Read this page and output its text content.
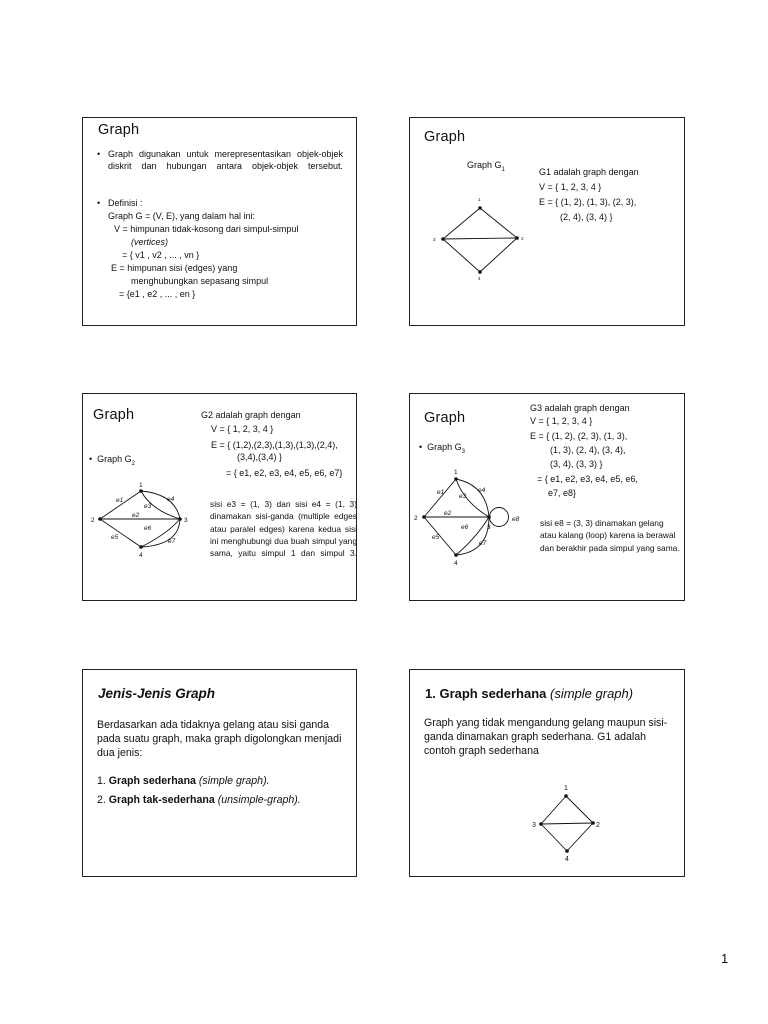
Graph
• Graph digunakan untuk merepresentasikan objek-objek diskrit dan hubungan antara objek-objek tersebut.
• Definisi :
Graph G = (V, E), yang dalam hal ini:
V = himpunan tidak-kosong dari simpul-simpul
(vertices)
= { v1 , v2 , ... , vn }
E = himpunan sisi (edges) yang
menghubungkan sepasang simpul
= {e1 , e2 , ... , en }
Graph
Graph $G_1$	G1 adalah graph dengan
V = { 1, 2, 3, 4 }
E = { (1, 2), (1, 3), (2, 3),
(2, 4), (3, 4) }
1
2
3
4
Graph
•  Graph $G_2$
G2 adalah graph dengan
V = { 1, 2, 3, 4 }
E = { (1,2),(2,3),(1,3),(1,3),(2,4),
(3,4),(3,4) }
= { e1, e2, e3, e4, e5, e6, e7}
sisi e3 = (1, 3) dan sisi e4 = (1, 3) dinamakan sisi-ganda (multiple edges atau paralel edges) karena kedua sisi ini menghubungi dua buah simpul yang sama, yaitu simpul 1 dan simpul 3.
1
2	3
4
e1
e2
e3
e4
e5
e6
e7
Graph
•  Graph $G_3$
G3 adalah graph dengan
V = { 1, 2, 3, 4 }
E = { (1, 2), (2, 3), (1, 3),
(1, 3), (2, 4), (3, 4),
(3, 4), (3, 3) }
= { e1, e2, e3, e4, e5, e6,
e7, e8}
sisi e8 = (3, 3) dinamakan gelang atau kalang (loop) karena ia berawal dan berakhir pada simpul yang sama.
1
2
3
4
e1
e2
e3
e4
e5
e6
e7
e8
Jenis-Jenis Graph
Berdasarkan ada tidaknya gelang atau sisi ganda pada suatu graph, maka graph digolongkan menjadi dua jenis:
1. Graph sederhana (simple graph).
2. Graph tak-sederhana (unsimple-graph).
1. Graph sederhana (simple graph)
Graph yang tidak mengandung gelang maupun sisi-ganda dinamakan graph sederhana. G1 adalah contoh graph sederhana
1
2
3
4
1
